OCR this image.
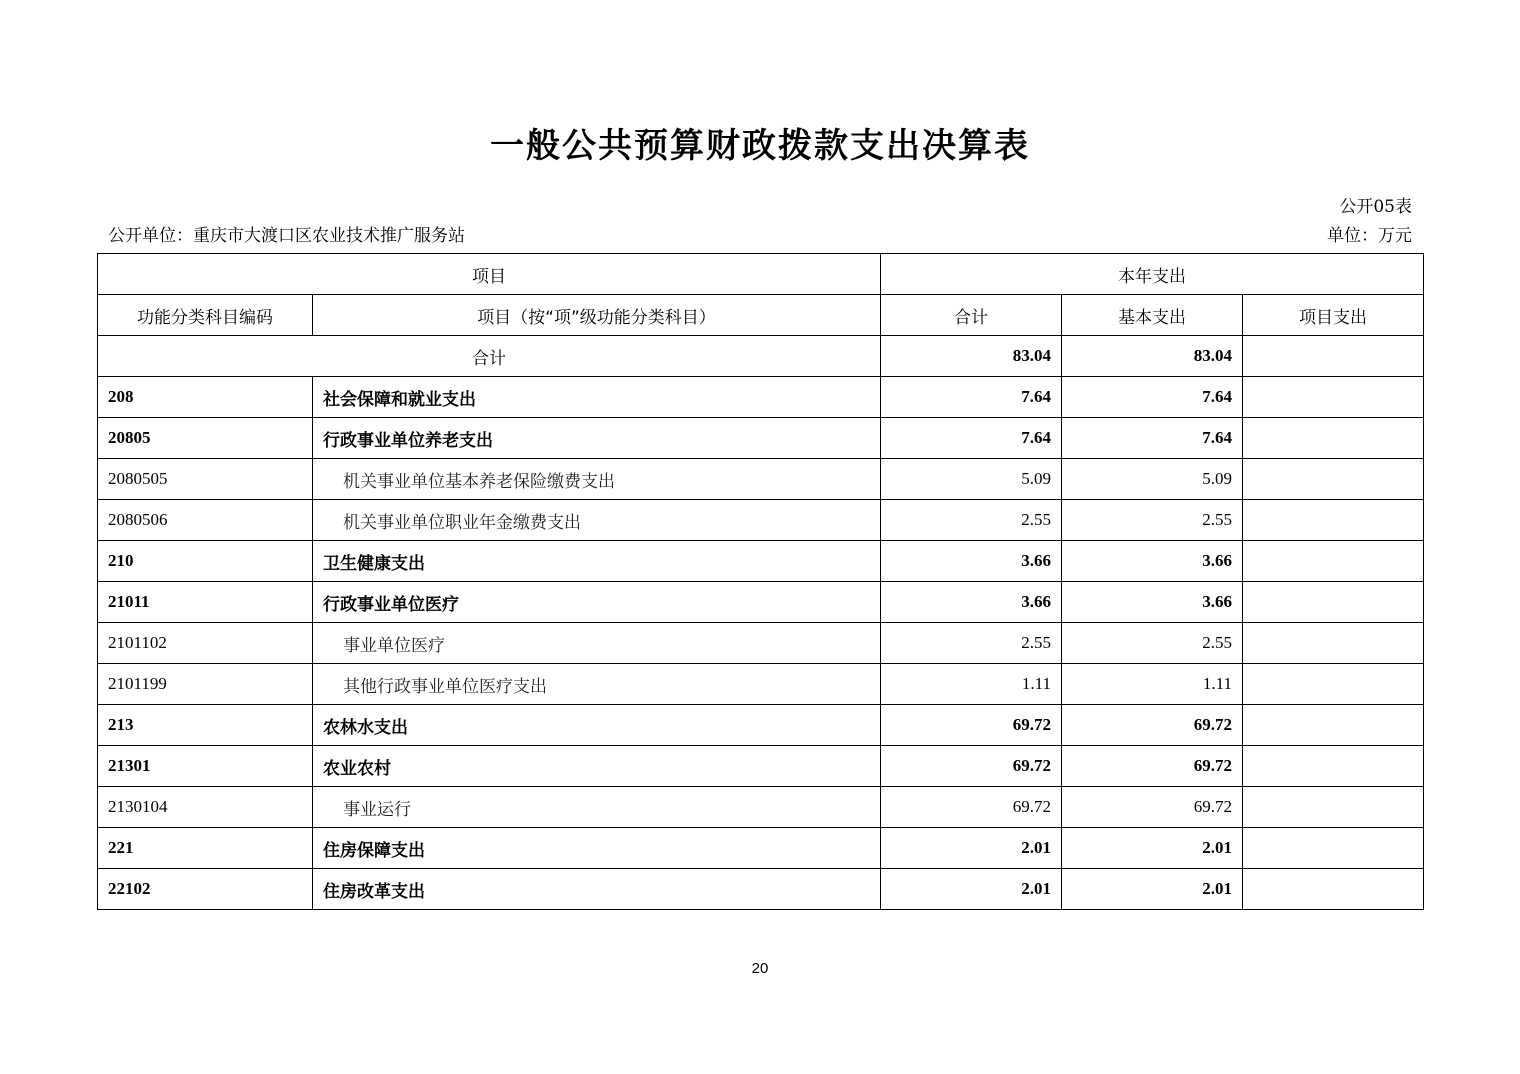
一般公共预算财政拨款支出决算表
公开05表
公开单位：重庆市大渡口区农业技术推广服务站	单位：万元
项目		本年支出		
功能分类科目编码	项目（按“项”级功能分类科目）	合计	基本支出	项目支出
合计		83.04	83.04	
208	社会保障和就业支出	7.64	7.64	
20805	行政事业单位养老支出	7.64	7.64	
2080505	机关事业单位基本养老保险缴费支出	5.09	5.09	
2080506	机关事业单位职业年金缴费支出	2.55	2.55	
210	卫生健康支出	3.66	3.66	
21011	行政事业单位医疗	3.66	3.66	
2101102	事业单位医疗	2.55	2.55	
2101199	其他行政事业单位医疗支出	1.11	1.11	
213	农林水支出	69.72	69.72	
21301	农业农村	69.72	69.72	
2130104	事业运行	69.72	69.72	
221	住房保障支出	2.01	2.01	
22102	住房改革支出	2.01	2.01	
20
